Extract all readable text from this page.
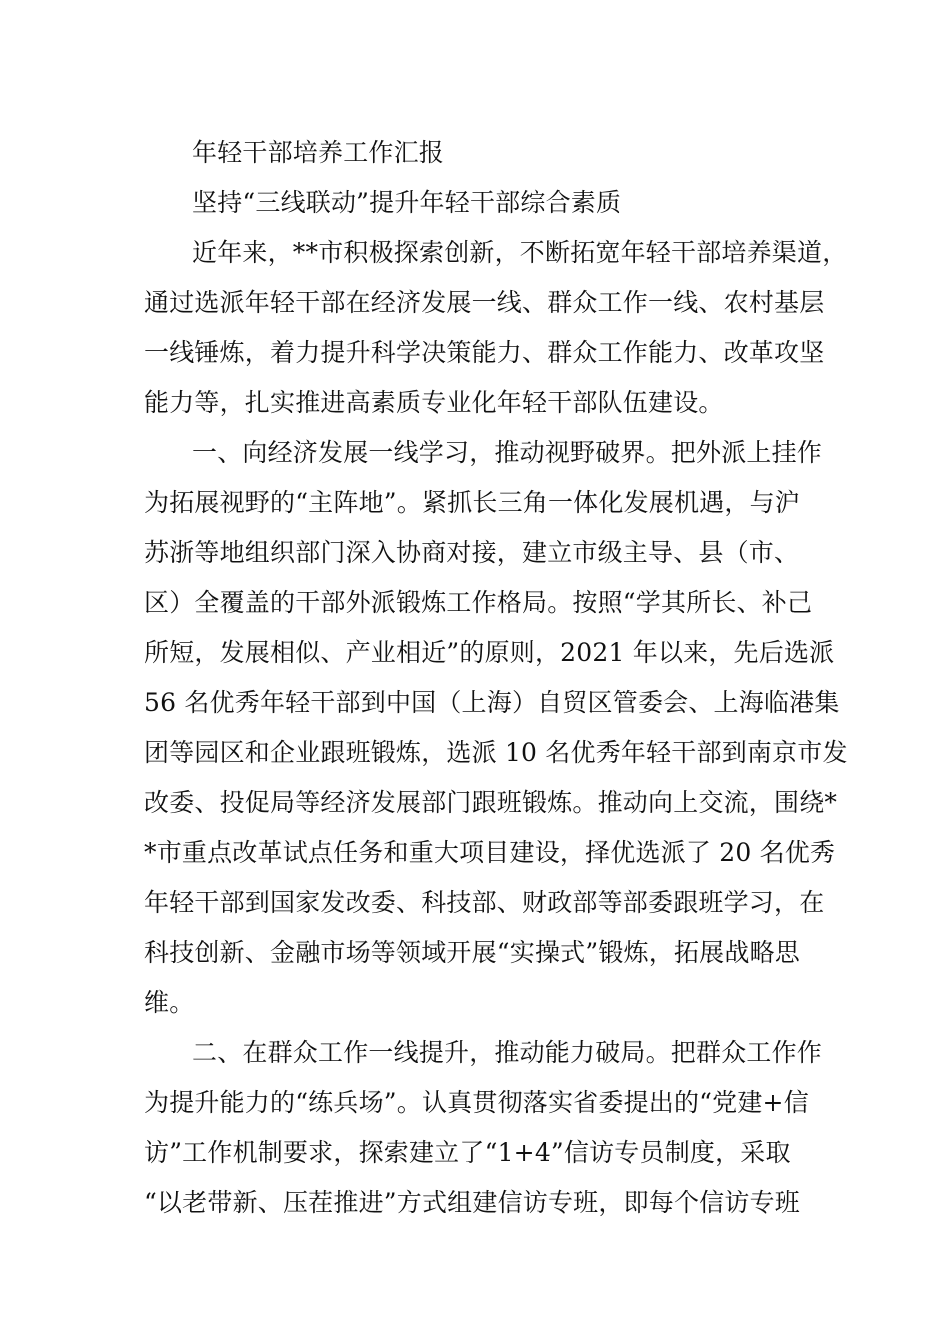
年轻干部培养工作汇报
坚持“三线联动”提升年轻干部综合素质
近年来，**市积极探索创新，不断拓宽年轻干部培养渠道，
通过选派年轻干部在经济发展一线、群众工作一线、农村基层
一线锤炼，着力提升科学决策能力、群众工作能力、改革攻坚
能力等，扎实推进高素质专业化年轻干部队伍建设。
一、向经济发展一线学习，推动视野破界。把外派上挂作
为拓展视野的“主阵地”。紧抓长三角一体化发展机遇，与沪
苏浙等地组织部门深入协商对接，建立市级主导、县（市、
区）全覆盖的干部外派锻炼工作格局。按照“学其所长、补己
所短，发展相似、产业相近”的原则，2021 年以来，先后选派
56 名优秀年轻干部到中国（上海）自贸区管委会、上海临港集
团等园区和企业跟班锻炼，选派 10 名优秀年轻干部到南京市发
改委、投促局等经济发展部门跟班锻炼。推动向上交流，围绕*
*市重点改革试点任务和重大项目建设，择优选派了 20 名优秀
年轻干部到国家发改委、科技部、财政部等部委跟班学习，在
科技创新、金融市场等领域开展“实操式”锻炼，拓展战略思
维。
二、在群众工作一线提升，推动能力破局。把群众工作作
为提升能力的“练兵场”。认真贯彻落实省委提出的“党建+信
访”工作机制要求，探索建立了“1+4”信访专员制度，采取
“以老带新、压茬推进”方式组建信访专班，即每个信访专班
